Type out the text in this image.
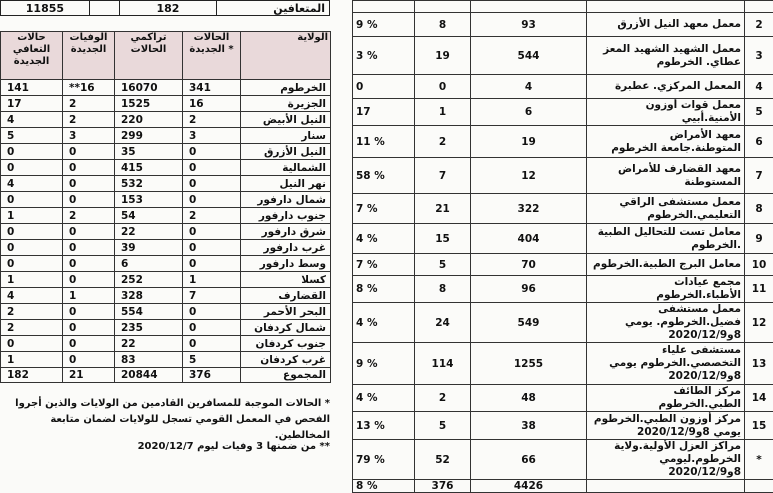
11855		182	المتعافين
حالات التعافي الجديدة	الوفيات الجديدة	تراكمي الحالات	الحالات الجديدة *	الولاية
141	**16	16070	341	الخرطوم
17	2	1525	16	الجزيرة
4	2	220	2	النيل الأبيض
5	3	299	3	سنار
0	0	35	0	النيل الأزرق
0	0	415	0	الشمالية
4	0	532	0	نهر النيل
0	0	153	0	شمال دارفور
1	2	54	2	جنوب دارفور
0	0	22	0	شرق دارفور
0	0	39	0	غرب دارفور
0	0	6	0	وسط دارفور
1	0	252	1	كسلا
4	1	328	7	القضارف
2	0	554	0	البحر الأحمر
2	0	235	0	شمال كردفان
0	0	22	0	جنوب كردفان
1	0	83	5	غرب كردفان
182	21	20844	376	المجموع
* الحالات الموجبة للمسافرين القادمين من الولايات والذين أجروا الفحص في المعمل القومي تسجل للولايات لضمان متابعة المخالطين.
** من ضمنها 3 وفيات ليوم 2020/12/7

9 %	8	93	معمل معهد النيل الأزرق	2
3 %	19	544	معمل الشهيد الشهيد المعز عطاي. الخرطوم	3
0	0	4	المعمل المركزي. عطبرة	4
17	1	6	معمل قوات أوزون الأمنية.أبيي	5
11 %	2	19	معهد الأمراض المتوطنة.جامعة الخرطوم	6
58 %	7	12	معهد القضارف للأمراض المستوطنة	7
7 %	21	322	معمل مستشفى الراقي التعليمي.الخرطوم	8
4 %	15	404	معامل تست للتحاليل الطبية .الخرطوم	9
7 %	5	70	معامل البرج الطبية.الخرطوم	10
8 %	8	96	مجمع عيادات الأطباء.الخرطوم	11
4 %	24	549	معمل مستشفى فضيل.الخرطوم. يومي 8و2020/12/9	12
9 %	114	1255	مستشفى علياء التخصصي.الخرطوم يومي 8و2020/12/9	13
4 %	2	48	مركز الطائف الطبي.الخرطوم	14
13 %	5	38	مركز أوزون الطبي.الخرطوم يومي 8و2020/12/9	15
79 %	52	66	مراكز العزل الأولية.ولاية الخرطوم.ليومي 8و2020/12/9	*
8 %	376	4426		
